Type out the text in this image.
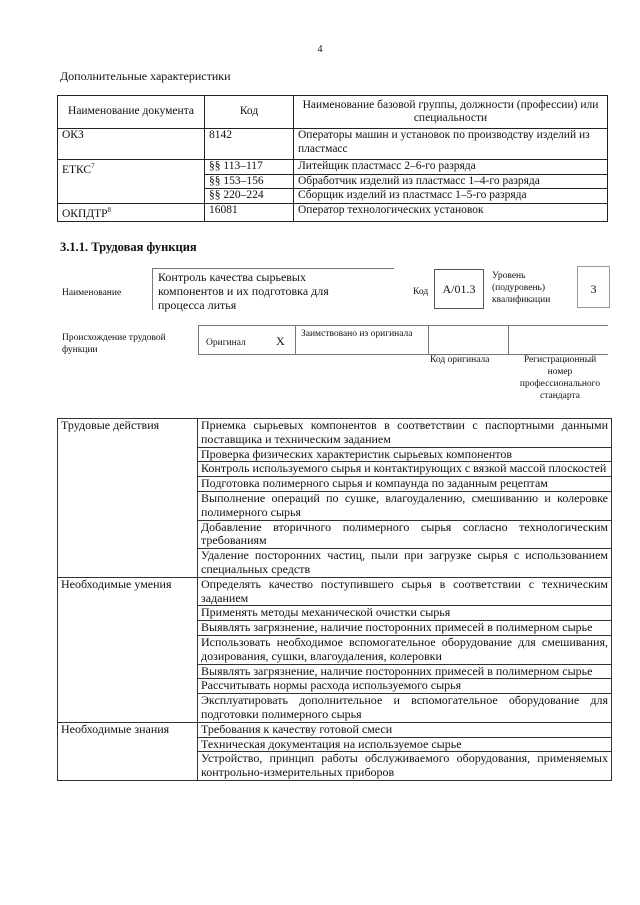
4
Дополнительные характеристики
Наименование документа	Код	Наименование базовой группы, должности (профессии) или специальности
ОКЗ	8142	Операторы машин и установок по производству изделий из пластмасс
ЕТКС$^7$	§§ 113–117	Литейщик пластмасс 2–6-го разряда
	§§ 153–156	Обработчик изделий из пластмасс 1–4-го разряда
	§§ 220–224	Сборщик изделий из пластмасс 1–5-го разряда
ОКПДТР$^8$	16081	Оператор технологических установок
3.1.1. Трудовая функция
Наименование
Контроль качества сырьевых компонентов и их подготовка для процесса литья
Код	А/01.3
Уровень (подуровень) квалификации
3
Происхождение трудовой функции
Оригинал	X Заимствовано из оригинала
Код оригинала	Регистрационный номер профессионального стандарта
Трудовые действия	Приемка сырьевых компонентов в соответствии с паспортными данными поставщика и техническим заданием
	Проверка физических характеристик сырьевых компонентов
	Контроль используемого сырья и контактирующих с вязкой массой плоскостей
	Подготовка полимерного сырья и компаунда по заданным рецептам
	Выполнение операций по сушке, влагоудалению, смешиванию и колеровке полимерного сырья
	Добавление вторичного полимерного сырья согласно технологическим требованиям
	Удаление посторонних частиц, пыли при загрузке сырья с использованием специальных средств
Необходимые умения	Определять качество поступившего сырья в соответствии с техническим заданием
	Применять методы механической очистки сырья
	Выявлять загрязнение, наличие посторонних примесей в полимерном сырье
	Использовать необходимое вспомогательное оборудование для смешивания, дозирования, сушки, влагоудаления, колеровки
	Выявлять загрязнение, наличие посторонних примесей в полимерном сырье
	Рассчитывать нормы расхода используемого сырья
	Эксплуатировать дополнительное и вспомогательное оборудование для подготовки полимерного сырья
Необходимые знания	Требования к качеству готовой смеси
	Техническая документация на используемое сырье
	Устройство, принцип работы обслуживаемого оборудования, применяемых контрольно-измерительных приборов
